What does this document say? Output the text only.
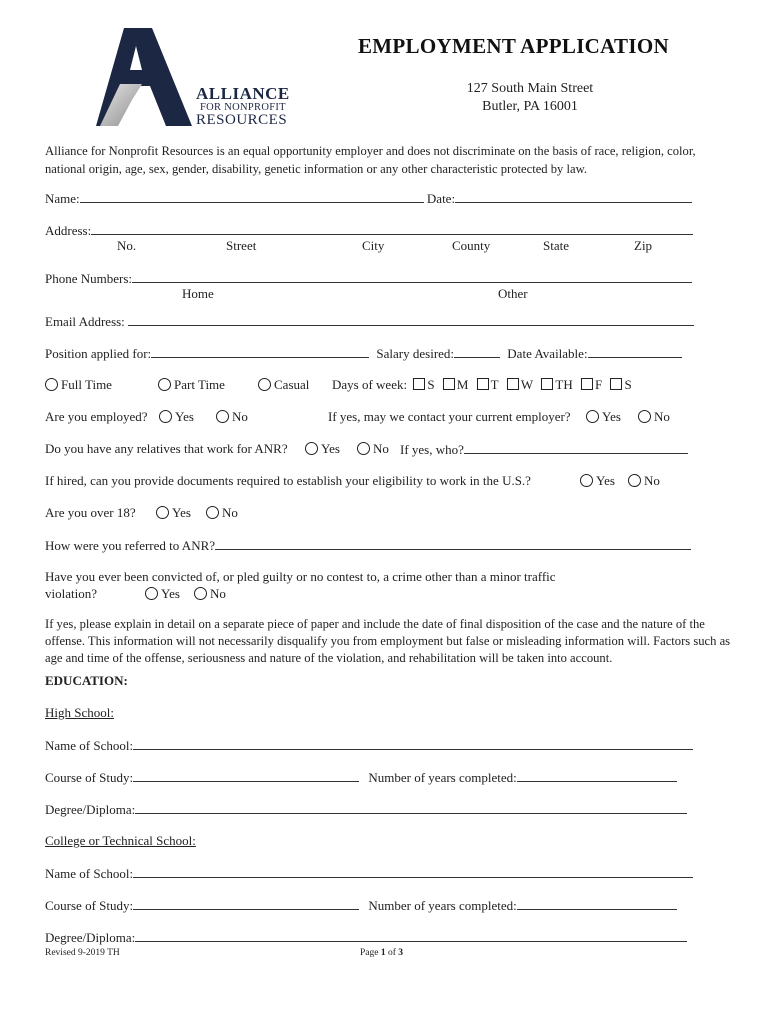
ALLIANCE
FOR NONPROFIT
RESOURCES
EMPLOYMENT APPLICATION
127 South Main Street
Butler, PA 16001
Alliance for Nonprofit Resources is an equal opportunity employer and does not discriminate on the basis of race, religion, color, national origin, age, sex, gender, disability, genetic information or any other characteristic protected by law.
Name:	Date:
Address:
No.	Street	City	County	State	Zip
Phone Numbers:
Home	Other
Email Address:
Position applied for:	Salary desired:	Date Available:
Full Time	Part Time	Casual Days of week: S M T W TH F S
Are you employed?	Yes	No	If yes, may we contact your current employer?	Yes	No
Do you have any relatives that work for ANR?	Yes	No If yes, who?
If hired, can you provide documents required to establish your eligibility to work in the U.S.?	Yes	No
Are you over 18?	Yes	No
How were you referred to ANR?
Have you ever been convicted of, or pled guilty or no contest to, a crime other than a minor traffic
violation?	Yes	No
If yes, please explain in detail on a separate piece of paper and include the date of final disposition of the case and the nature of the offense. This information will not necessarily disqualify you from employment but false or misleading information will. Factors such as age and time of the offense, seriousness and nature of the violation, and rehabilitation will be taken into account.
EDUCATION:
High School:
Name of School:
Course of Study:	Number of years completed:
Degree/Diploma:
College or Technical School:
Name of School:
Course of Study:	Number of years completed:
Degree/Diploma:
Revised 9-2019 TH	Page 1 of 3
